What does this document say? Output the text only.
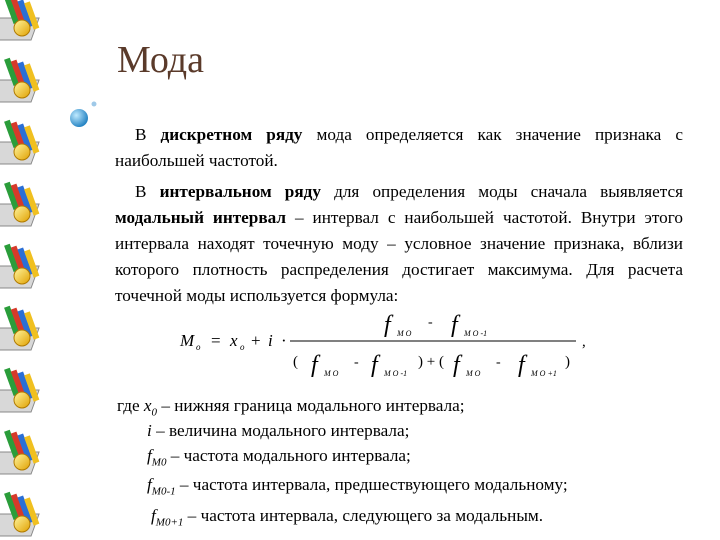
Мода
В дискретном ряду мода определяется как значение признака с наибольшей частотой.
В интервальном ряду для определения моды сначала выявляется модальный интервал – интервал с наибольшей частотой. Внутри этого интервала находят точечную моду – условное значение признака, вблизи которого плотность распределения достигает максимума. Для расчета точечной моды используется формула:
M o = x o + i ·
f M O
- f M O -1
( f M O
- f M O -1
) + ( f M O
- f M O +1
)
,
где $x_0$ – нижняя граница модального интервала;
i – величина модального интервала;
$f_{M0}$ – частота модального интервала;
$f_{M0-1}$ – частота интервала, предшествующего модальному;
$f_{M0+1}$ – частота интервала, следующего за модальным.
